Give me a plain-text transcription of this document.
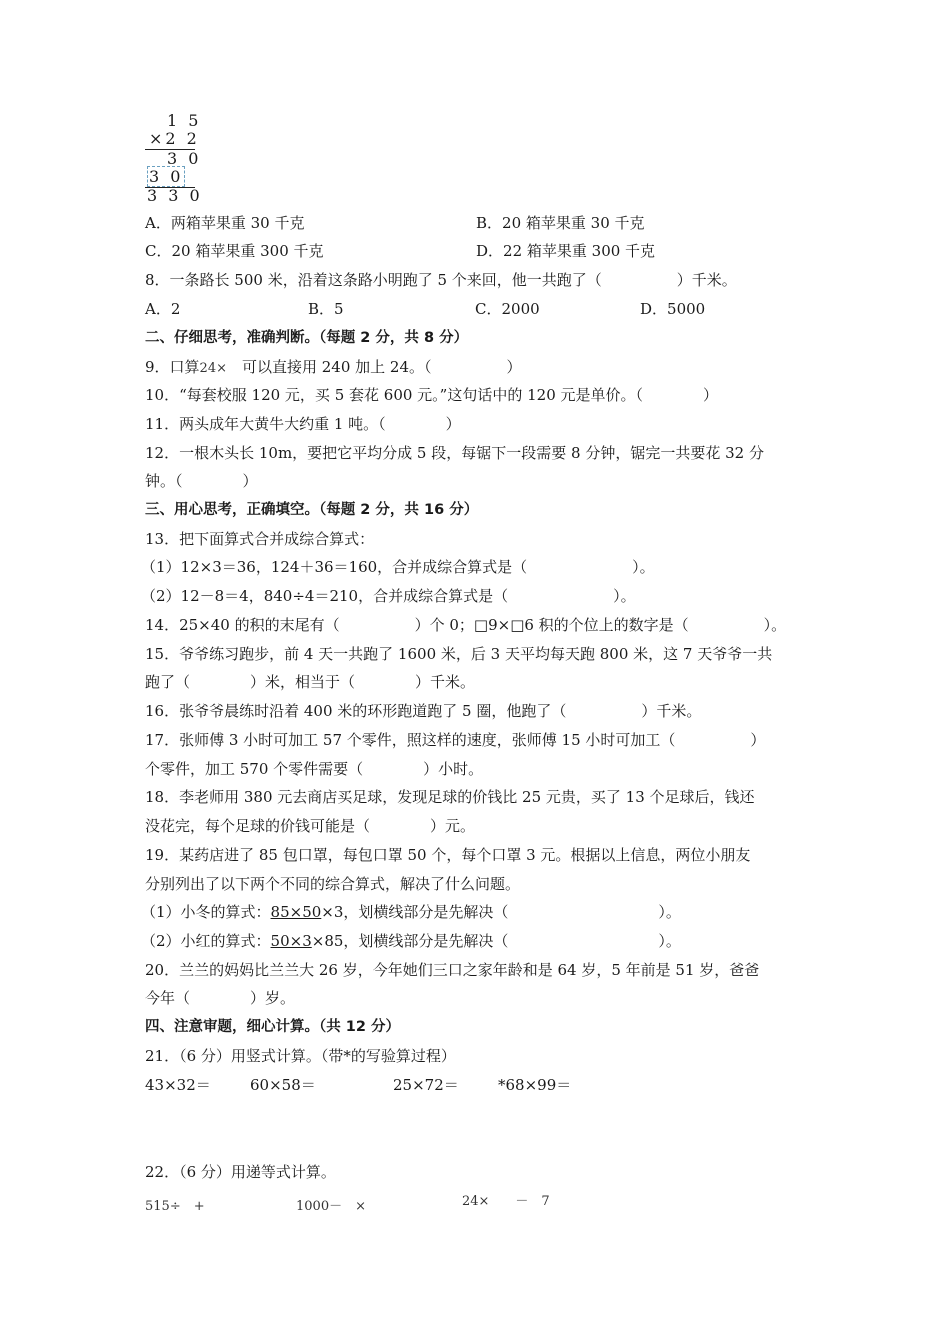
1 5
×2 2
3 0
3 0
3 3 0
A．两箱苹果重 30 千克	B．20 箱苹果重 30 千克
C．20 箱苹果重 300 千克	D．22 箱苹果重 300 千克
8．一条路长 500 米，沿着这条路小明跑了 5 个来回，他一共跑了（　　　　　）千米。
A．2	B．5	C．2000	D．5000
二、仔细思考，准确判断。（每题 2 分，共 8 分）
9．口算24×　可以直接用 240 加上 24。（　　　　　）
10．“每套校服 120 元，买 5 套花 600 元。”这句话中的 120 元是单价。（　　　　）
11．两头成年大黄牛大约重 1 吨。（　　　　）
12．一根木头长 10m，要把它平均分成 5 段，每锯下一段需要 8 分钟，锯完一共要花 32 分
钟。（　　　　）
三、用心思考，正确填空。（每题 2 分，共 16 分）
13．把下面算式合并成综合算式：
（1）12×3＝36，124＋36＝160，合并成综合算式是（　　　　　　　）。
（2）12－8＝4，840÷4＝210，合并成综合算式是（　　　　　　　）。
14．25×40 的积的末尾有（　　　　　）个 0；□9×□6 积的个位上的数字是（　　　　　）。
15．爷爷练习跑步，前 4 天一共跑了 1600 米，后 3 天平均每天跑 800 米，这 7 天爷爷一共
跑了（　　　　）米，相当于（　　　　）千米。
16．张爷爷晨练时沿着 400 米的环形跑道跑了 5 圈，他跑了（　　　　　）千米。
17．张师傅 3 小时可加工 57 个零件，照这样的速度，张师傅 15 小时可加工（　　　　　）
个零件，加工 570 个零件需要（　　　　）小时。
18．李老师用 380 元去商店买足球，发现足球的价钱比 25 元贵，买了 13 个足球后，钱还
没花完，每个足球的价钱可能是（　　　　）元。
19．某药店进了 85 包口罩，每包口罩 50 个，每个口罩 3 元。根据以上信息，两位小朋友
分别列出了以下两个不同的综合算式，解决了什么问题。
（1）小冬的算式：85×50×3，划横线部分是先解决（　　　　　　　　　　）。
（2）小红的算式：50×3×85，划横线部分是先解决（　　　　　　　　　　）。
20．兰兰的妈妈比兰兰大 26 岁，今年她们三口之家年龄和是 64 岁，5 年前是 51 岁，爸爸
今年（　　　　）岁。
四、注意审题，细心计算。（共 12 分）
21．（6 分）用竖式计算。（带*的写验算过程）
43×32＝	60×58＝	25×72＝	*68×99＝
22．（6 分）用递等式计算。
515÷　+	1000－　×	24×　　－　7
